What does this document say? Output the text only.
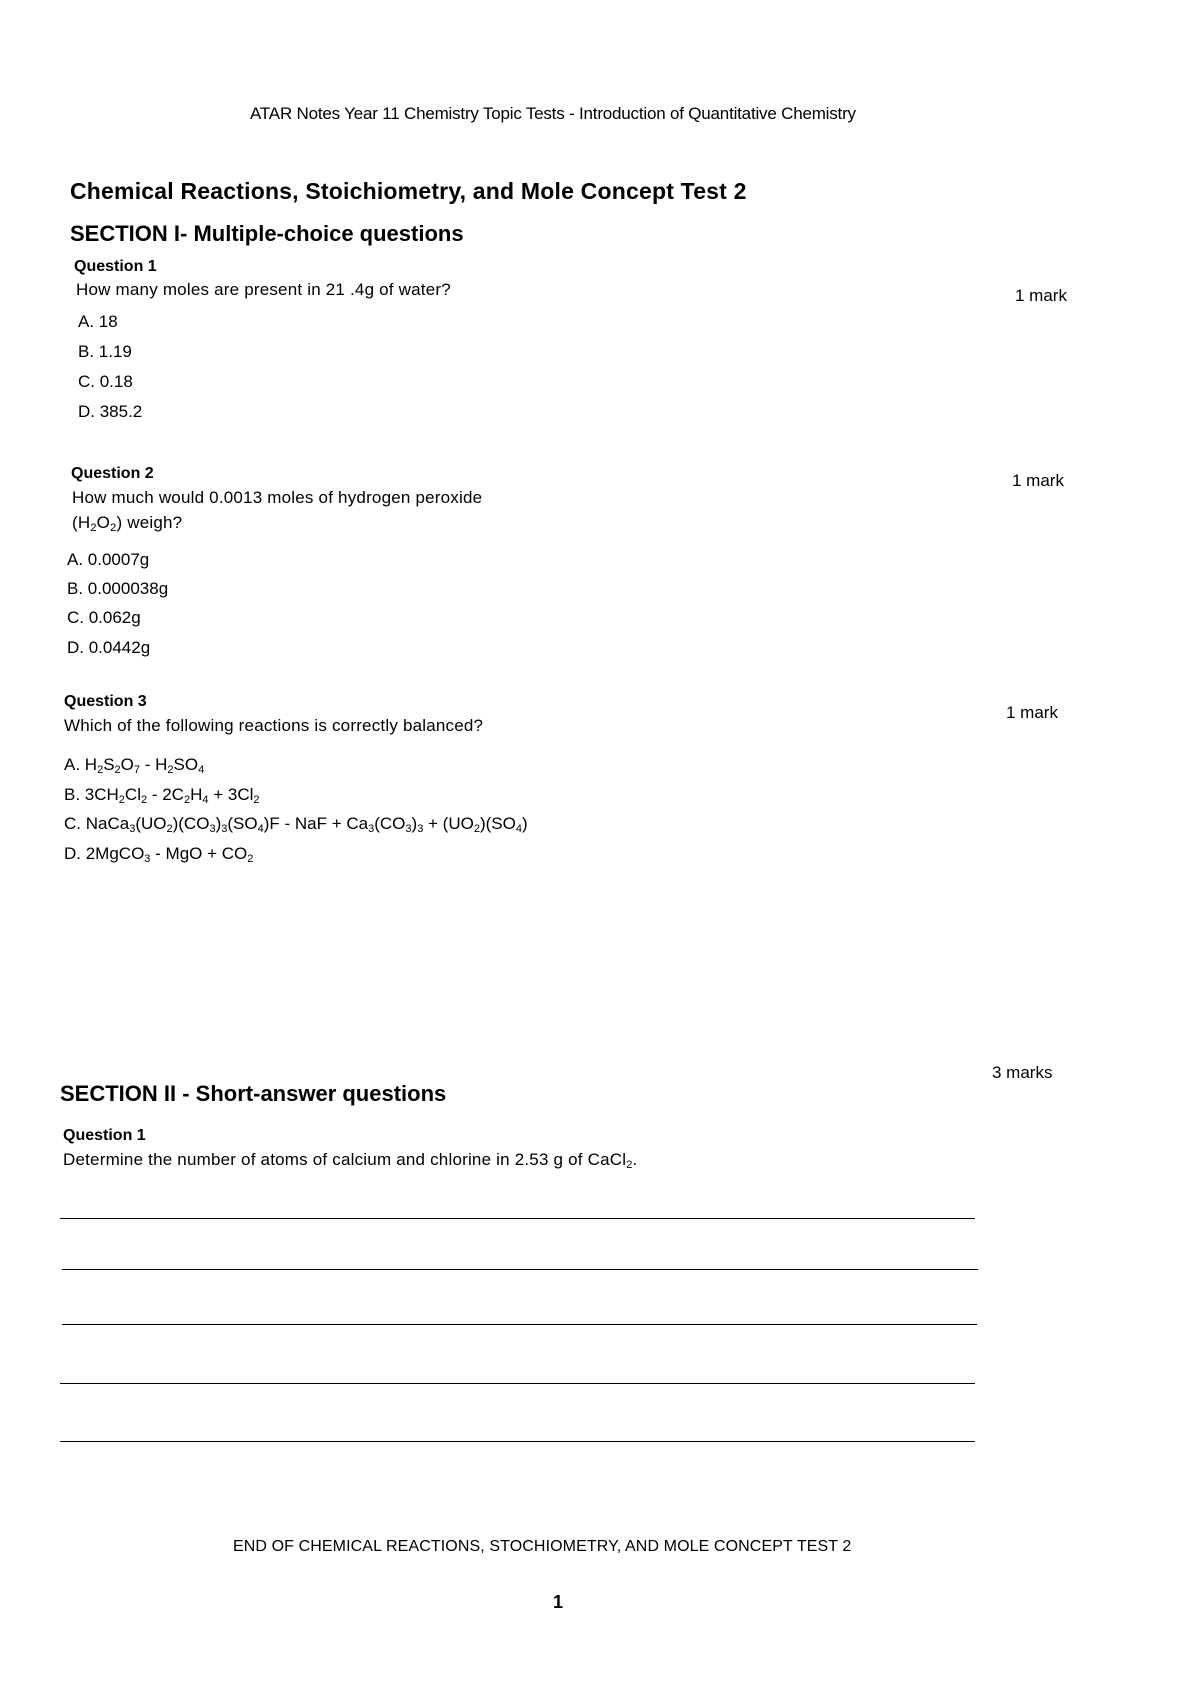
ATAR Notes Year 11 Chemistry Topic Tests - Introduction of Quantitative Chemistry
Chemical Reactions, Stoichiometry, and Mole Concept Test 2
SECTION I- Multiple-choice questions
Question 1
How many moles are present in 21 .4g of water?	1 mark
A. 18
B. 1.19
C. 0.18
D. 385.2
Question 2
How much would 0.0013 moles of hydrogen peroxide
$(H_2O_2)$ weigh?
1 mark
A. 0.0007g
B. 0.000038g
C. 0.062g
D. 0.0442g
Question 3
Which of the following reactions is correctly balanced?
1 mark
A. $H_2S_2O_7 - H_2SO_4$
B. $3CH_2Cl_2 - 2C_2H_4 + 3Cl_2$
C. $NaCa_3(UO_2)(CO_3)_3(SO_4)F$ - NaF + $Ca_3(CO_3)_3 + (UO_2)(SO_4)$
D. 2MgCO$_3$ - MgO + $CO_2$
3 marks
SECTION II - Short-answer questions
Question 1
Determine the number of atoms of calcium and chlorine in 2.53 g of CaCl$_2$.
END OF CHEMICAL REACTIONS, STOCHIOMETRY, AND MOLE CONCEPT TEST 2
1
